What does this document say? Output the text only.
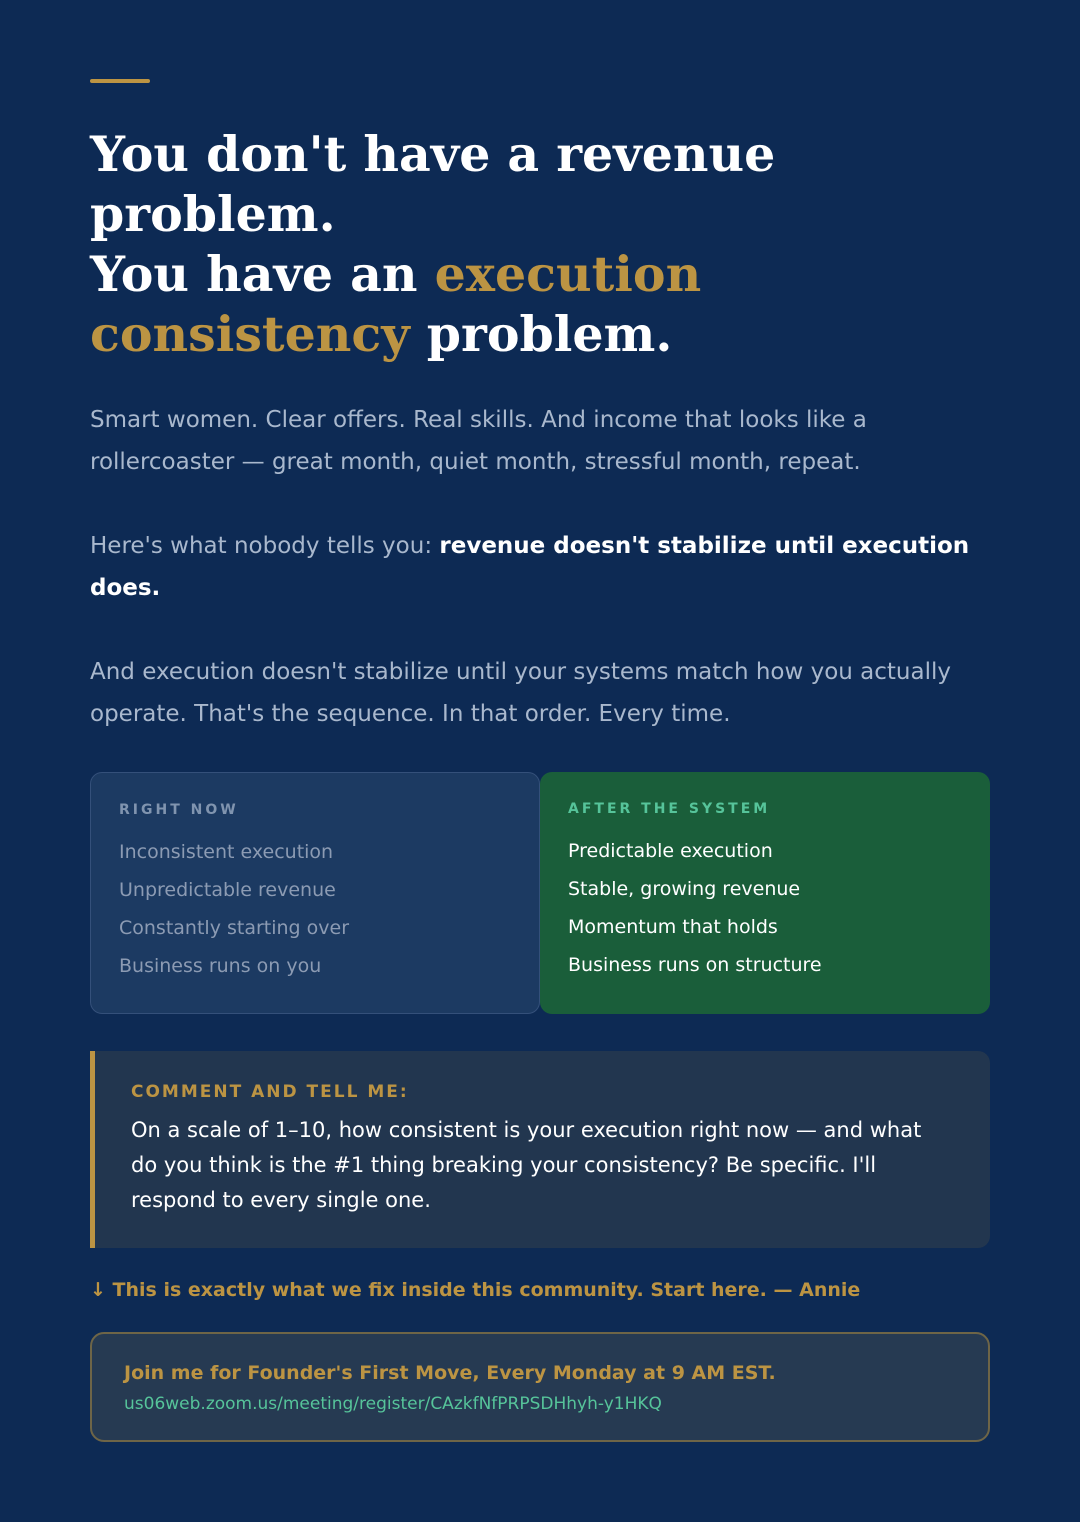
You don't have a revenue problem.
You have an execution consistency problem.

Smart women. Clear offers. Real skills. And income that looks like a rollercoaster — great month, quiet month, stressful month, repeat.

Here's what nobody tells you: revenue doesn't stabilize until execution does.

And execution doesn't stabilize until your systems match how you actually operate. That's the sequence. In that order. Every time.

RIGHT NOW
Inconsistent execution
Unpredictable revenue
Constantly starting over
Business runs on you
AFTER THE SYSTEM
Predictable execution
Stable, growing revenue
Momentum that holds
Business runs on structure
COMMENT AND TELL ME:

On a scale of 1–10, how consistent is your execution right now — and what do you think is the #1 thing breaking your consistency? Be specific. I'll respond to every single one.

↓ This is exactly what we fix inside this community. Start here. — Annie

Join me for Founder's First Move, Every Monday at 9 AM EST.
us06web.zoom.us/meeting/register/CAzkfNfPRPSDHhyh-y1HKQ
